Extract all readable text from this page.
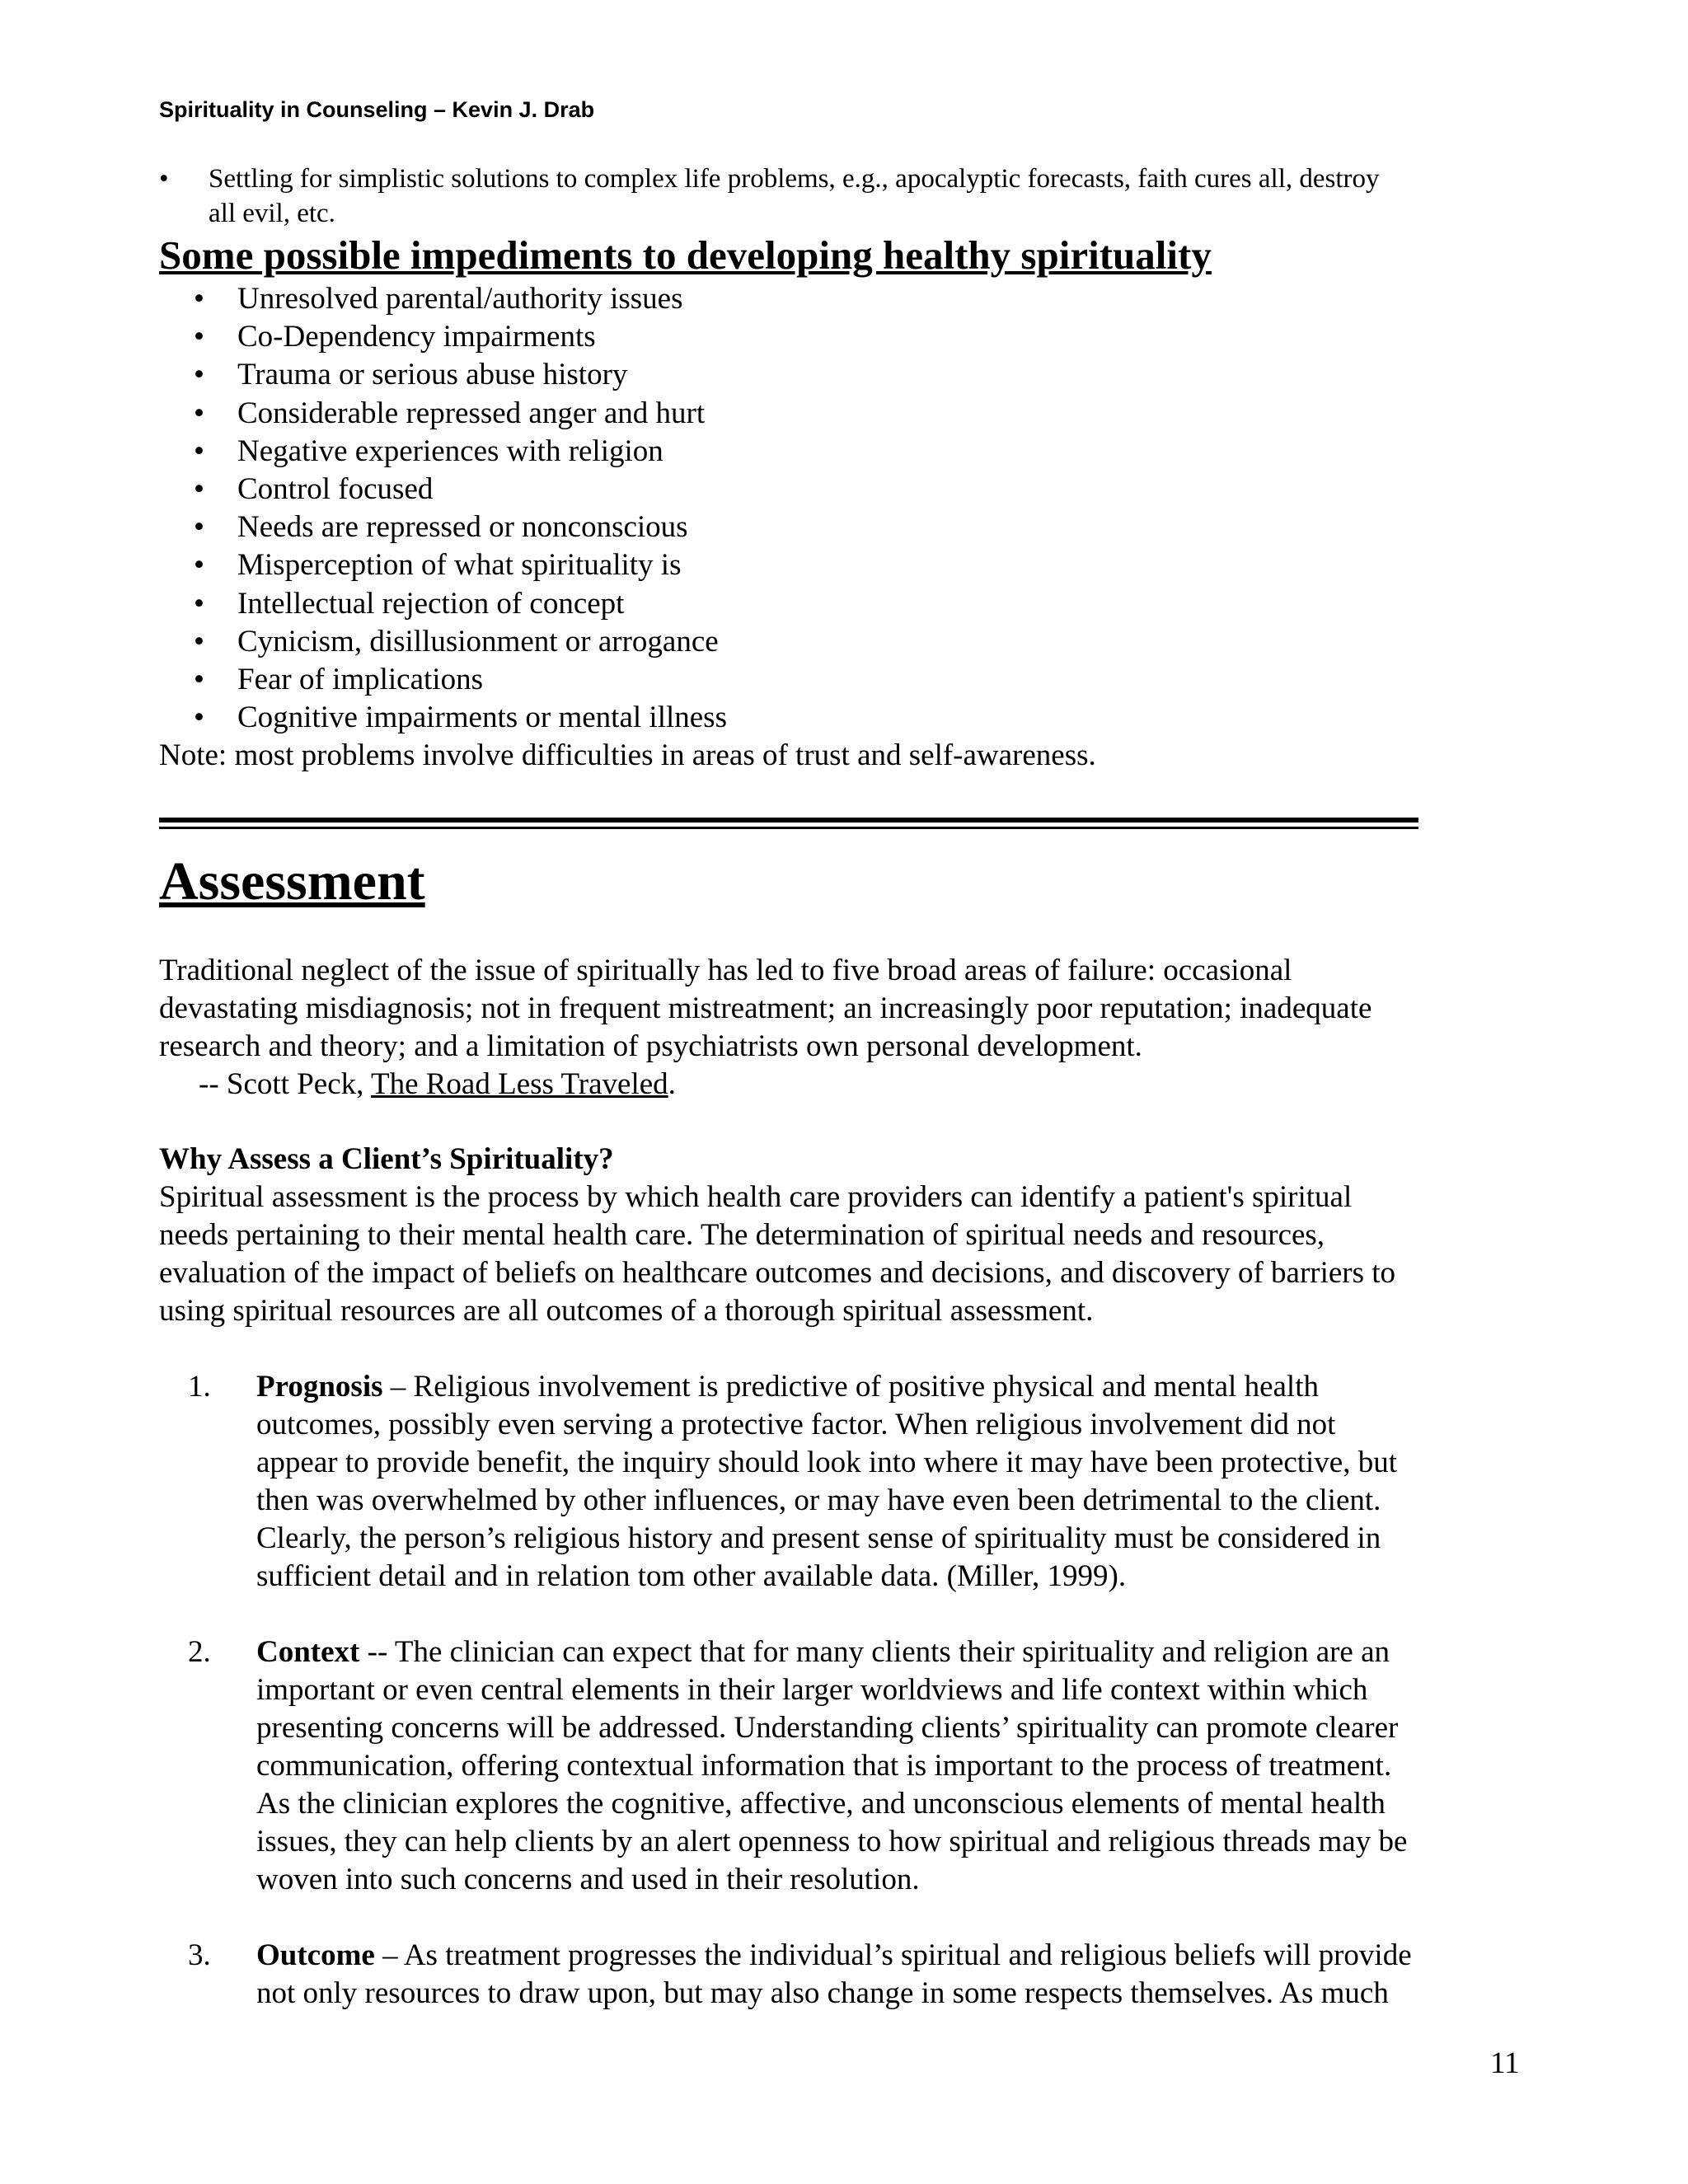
Spirituality in Counseling – Kevin J. Drab
• Settling for simplistic solutions to complex life problems, e.g., apocalyptic forecasts, faith cures all, destroy
all evil, etc.
Some possible impediments to developing healthy spirituality
• Unresolved parental/authority issues
• Co-Dependency impairments
• Trauma or serious abuse history
• Considerable repressed anger and hurt
• Negative experiences with religion
• Control focused
• Needs are repressed or nonconscious
• Misperception of what spirituality is
• Intellectual rejection of concept
• Cynicism, disillusionment or arrogance
• Fear of implications
• Cognitive impairments or mental illness
Note: most problems involve difficulties in areas of trust and self-awareness.
Assessment

Traditional neglect of the issue of spiritually has led to five broad areas of failure: occasional

devastating misdiagnosis; not in frequent mistreatment; an increasingly poor reputation; inadequate

research and theory; and a limitation of psychiatrists own personal development.

-- Scott Peck, The Road Less Traveled.

Why Assess a Client’s Spirituality?
Spiritual assessment is the process by which health care providers can identify a patient's spiritual
needs pertaining to their mental health care. The determination of spiritual needs and resources,
evaluation of the impact of beliefs on healthcare outcomes and decisions, and discovery of barriers to
using spiritual resources are all outcomes of a thorough spiritual assessment.
1. Prognosis – Religious involvement is predictive of positive physical and mental health
outcomes, possibly even serving a protective factor. When religious involvement did not
appear to provide benefit, the inquiry should look into where it may have been protective, but
then was overwhelmed by other influences, or may have even been detrimental to the client.
Clearly, the person’s religious history and present sense of spirituality must be considered in
sufficient detail and in relation tom other available data. (Miller, 1999).
2. Context -- The clinician can expect that for many clients their spirituality and religion are an
important or even central elements in their larger worldviews and life context within which
presenting concerns will be addressed. Understanding clients’ spirituality can promote clearer
communication, offering contextual information that is important to the process of treatment.
As the clinician explores the cognitive, affective, and unconscious elements of mental health
issues, they can help clients by an alert openness to how spiritual and religious threads may be
woven into such concerns and used in their resolution.
3. Outcome – As treatment progresses the individual’s spiritual and religious beliefs will provide
not only resources to draw upon, but may also change in some respects themselves. As much
11
